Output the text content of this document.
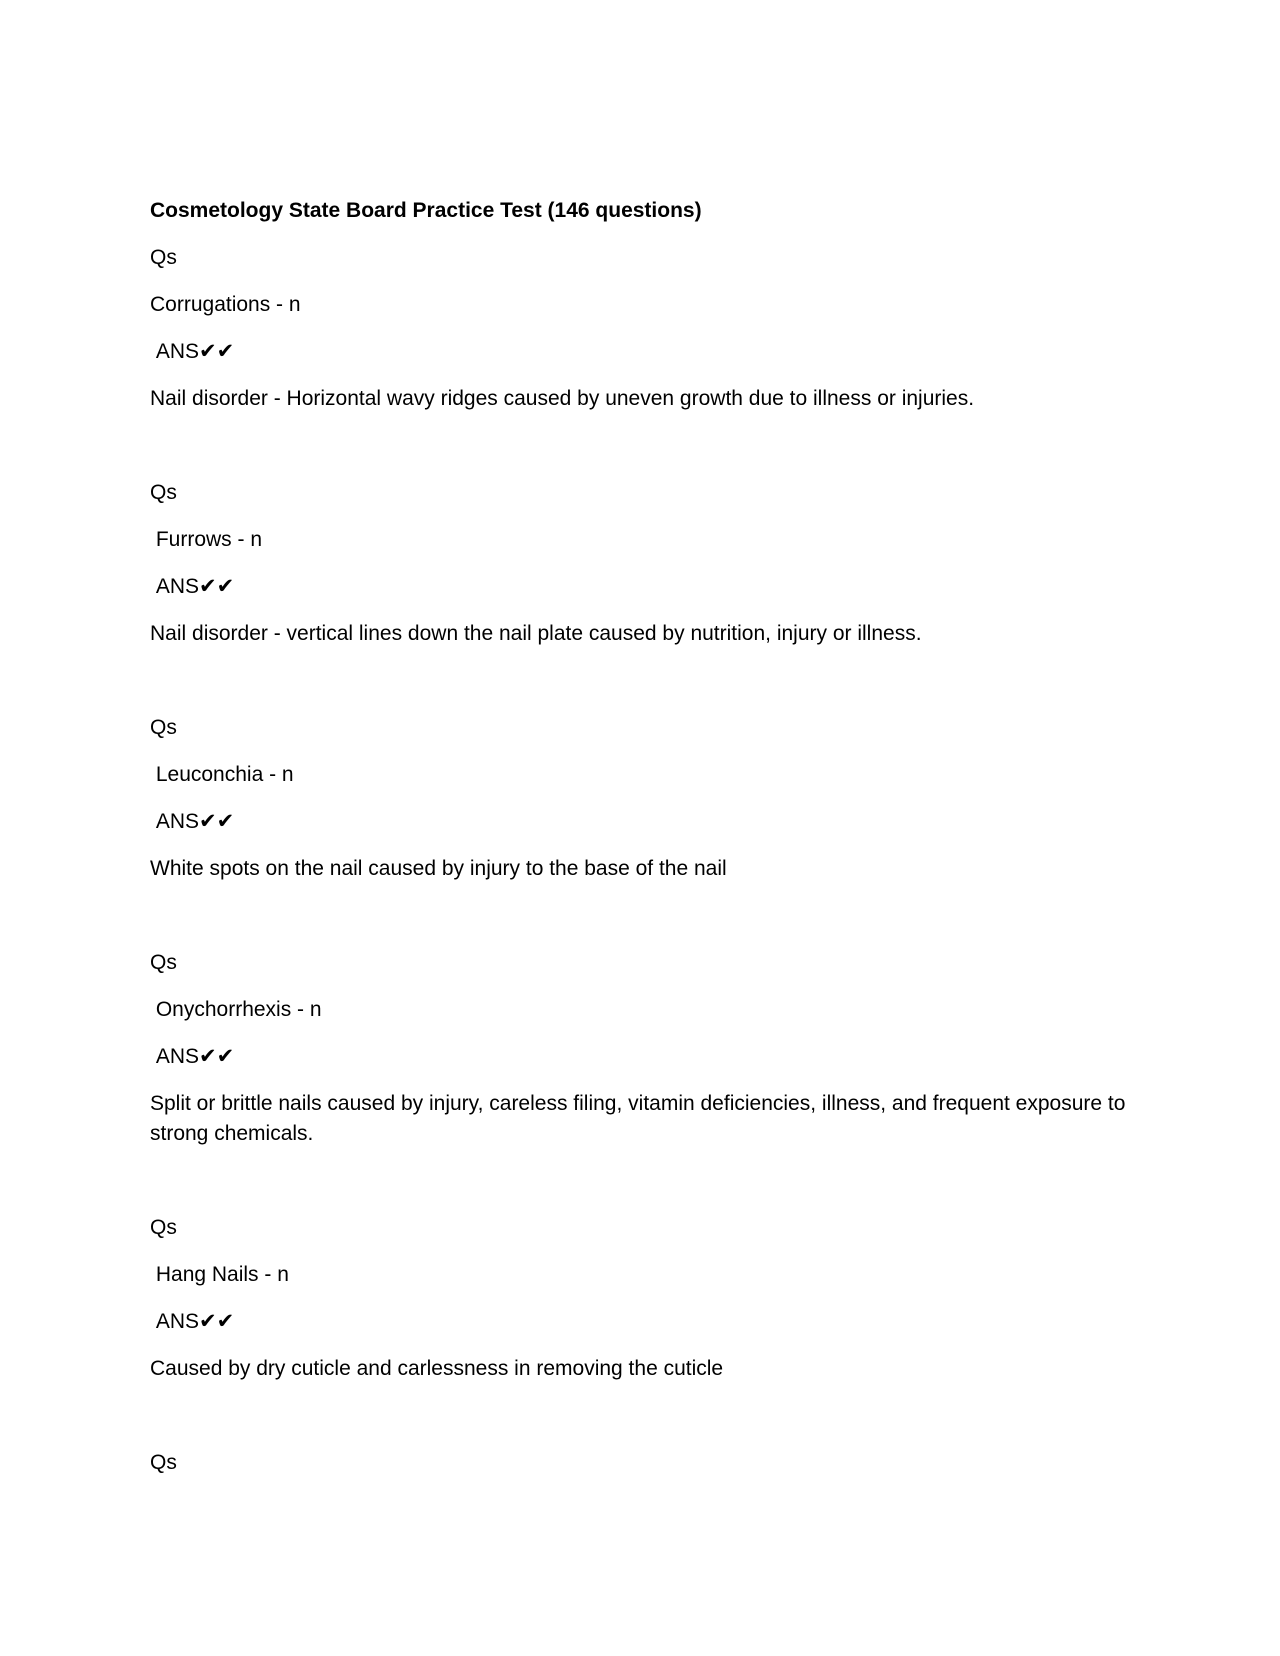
Cosmetology State Board Practice Test (146 questions)
Qs
Corrugations - n
ANS✔✔
Nail disorder - Horizontal wavy ridges caused by uneven growth due to illness or injuries.
Qs
Furrows - n
ANS✔✔
Nail disorder - vertical lines down the nail plate caused by nutrition, injury or illness.
Qs
Leuconchia - n
ANS✔✔
White spots on the nail caused by injury to the base of the nail
Qs
Onychorrhexis - n
ANS✔✔
Split or brittle nails caused by injury, careless filing, vitamin deficiencies, illness, and frequent exposure to strong chemicals.
Qs
Hang Nails - n
ANS✔✔
Caused by dry cuticle and carlessness in removing the cuticle
Qs
